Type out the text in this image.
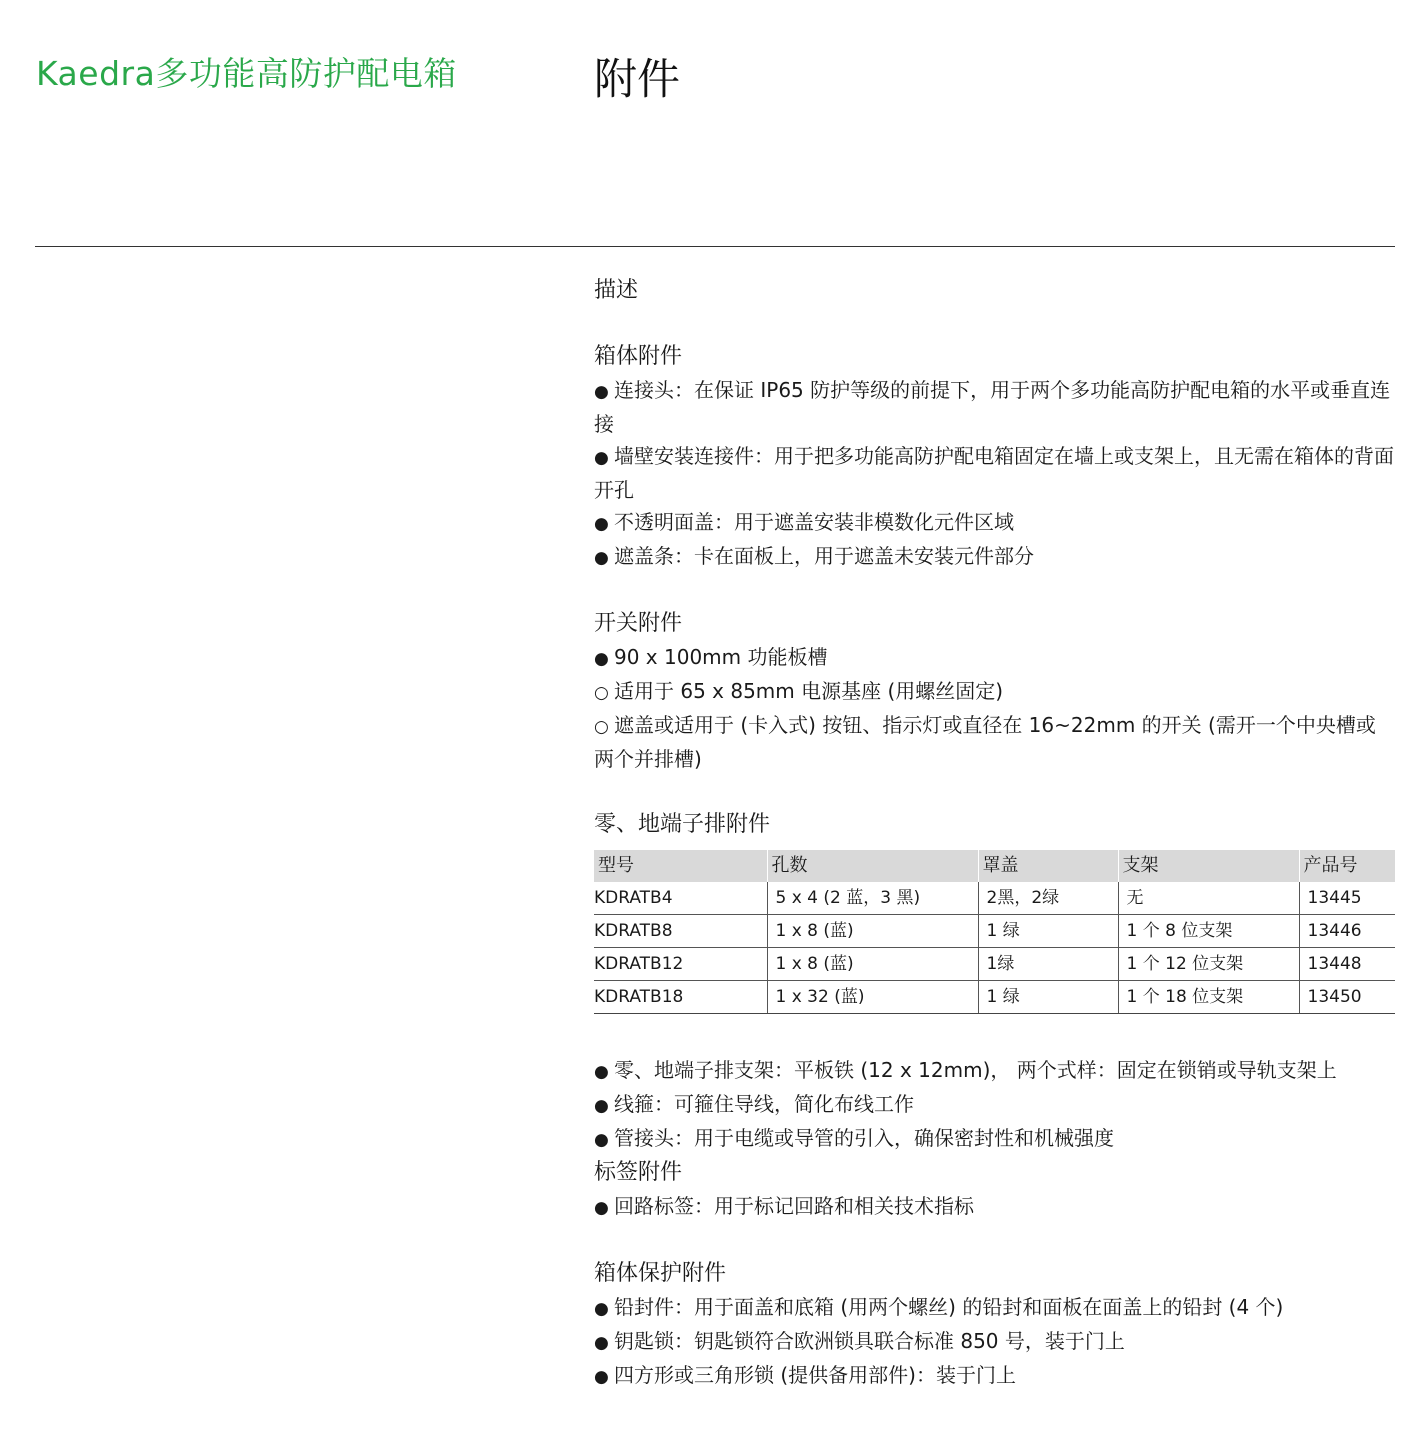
Kaedra多功能高防护配电箱	附件
描述
箱体附件
● 连接头：在保证 IP65 防护等级的前提下，用于两个多功能高防护配电箱的水平或垂直连接
● 墙壁安装连接件：用于把多功能高防护配电箱固定在墙上或支架上，且无需在箱体的背面开孔
● 不透明面盖：用于遮盖安装非模数化元件区域
● 遮盖条：卡在面板上，用于遮盖未安装元件部分
开关附件
● 90 x 100mm 功能板槽
○ 适用于 65 x 85mm 电源基座 (用螺丝固定)
○ 遮盖或适用于 (卡入式) 按钮、指示灯或直径在 16~22mm 的开关 (需开一个中央槽或两个并排槽)
零、地端子排附件
型号	孔数	罩盖	支架	产品号
KDRATB4	5 x 4 (2 蓝，3 黑)	2黑，2绿	无	13445
KDRATB8	1 x 8 (蓝)	1 绿	1 个 8 位支架	13446
KDRATB12	1 x 8 (蓝)	1绿	1 个 12 位支架	13448
KDRATB18	1 x 32 (蓝)	1 绿	1 个 18 位支架	13450
● 零、地端子排支架：平板铁 (12 x 12mm)， 两个式样：固定在锁销或导轨支架上
● 线箍：可箍住导线，简化布线工作
● 管接头：用于电缆或导管的引入，确保密封性和机械强度
标签附件
● 回路标签：用于标记回路和相关技术指标
箱体保护附件
● 铅封件：用于面盖和底箱 (用两个螺丝) 的铅封和面板在面盖上的铅封 (4 个)
● 钥匙锁：钥匙锁符合欧洲锁具联合标准 850 号，装于门上
● 四方形或三角形锁 (提供备用部件)：装于门上
